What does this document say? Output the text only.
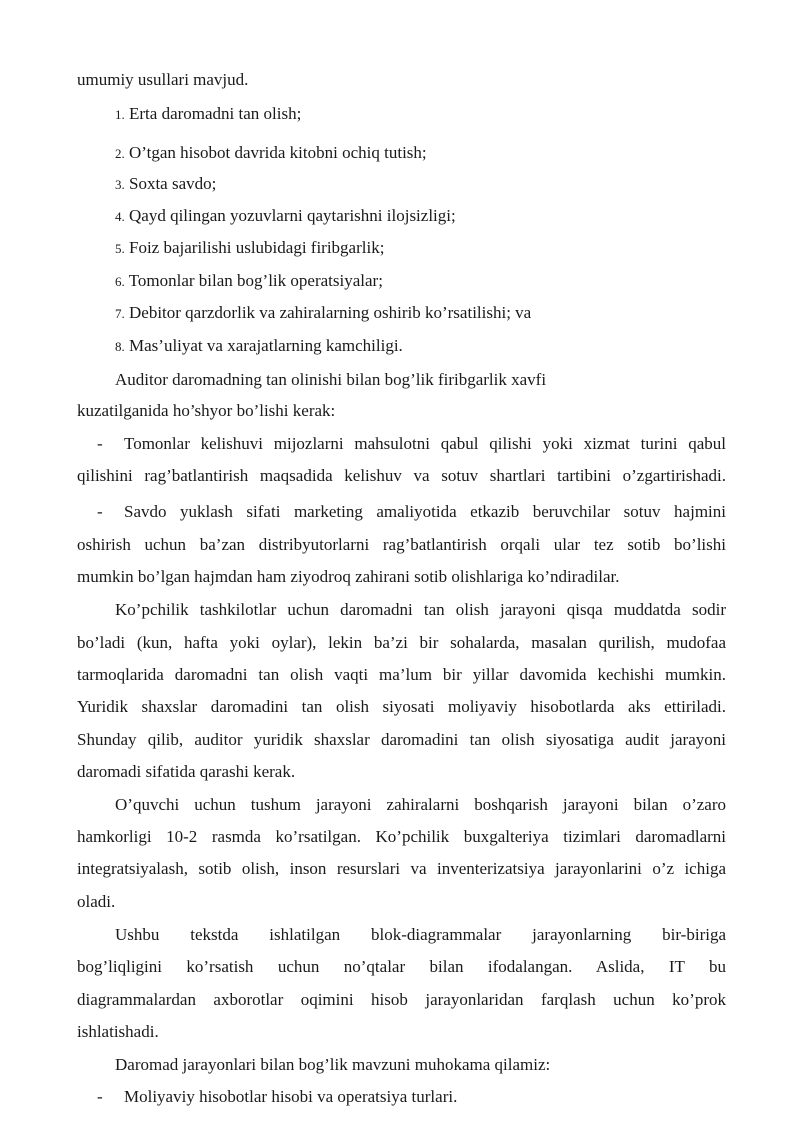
umumiy usullari mavjud.
1. Erta daromadni tan olish;
2. O’tgan hisobot davrida kitobni ochiq tutish;
3. Soxta savdo;
4. Qayd qilingan yozuvlarni qaytarishni ilojsizligi;
5. Foiz bajarilishi uslubidagi firibgarlik;
6. Tomonlar bilan bog’lik operatsiyalar;
7. Debitor qarzdorlik va zahiralarning oshirib ko’rsatilishi; va
8. Mas’uliyat va xarajatlarning kamchiligi.
Auditor daromadning tan olinishi bilan bog’lik firibgarlik xavfi
kuzatilganida ho’shyor bo’lishi kerak:
- Tomonlar kelishuvi mijozlarni mahsulotni qabul qilishi yoki xizmat turini qabul
qilishini rag’batlantirish maqsadida kelishuv va sotuv shartlari tartibini o’zgartirishadi.
- Savdo yuklash sifati marketing amaliyotida etkazib beruvchilar sotuv hajmini
oshirish uchun ba’zan distribyutorlarni rag’batlantirish orqali ular tez sotib bo’lishi
mumkin bo’lgan hajmdan ham ziyodroq zahirani sotib olishlariga ko’ndiradilar.
Ko’pchilik tashkilotlar uchun daromadni tan olish jarayoni qisqa muddatda sodir
bo’ladi (kun, hafta yoki oylar), lekin ba’zi bir sohalarda, masalan qurilish, mudofaa
tarmoqlarida daromadni tan olish vaqti ma’lum bir yillar davomida kechishi mumkin.
Yuridik shaxslar daromadini tan olish siyosati moliyaviy hisobotlarda aks ettiriladi.
Shunday qilib, auditor yuridik shaxslar daromadini tan olish siyosatiga audit jarayoni
daromadi sifatida qarashi kerak.
O’quvchi uchun tushum jarayoni zahiralarni boshqarish jarayoni bilan o’zaro
hamkorligi 10-2 rasmda ko’rsatilgan. Ko’pchilik buxgalteriya tizimlari daromadlarni
integratsiyalash, sotib olish, inson resurslari va inventerizatsiya jarayonlarini o’z ichiga
oladi.
Ushbu tekstda ishlatilgan blok-diagrammalar jarayonlarning bir-biriga
bog’liqligini ko’rsatish uchun no’qtalar bilan ifodalangan. Aslida, IT bu
diagrammalardan axborotlar oqimini hisob jarayonlaridan farqlash uchun ko’prok
ishlatishadi.
Daromad jarayonlari bilan bog’lik mavzuni muhokama qilamiz:
- Moliyaviy hisobotlar hisobi va operatsiya turlari.
